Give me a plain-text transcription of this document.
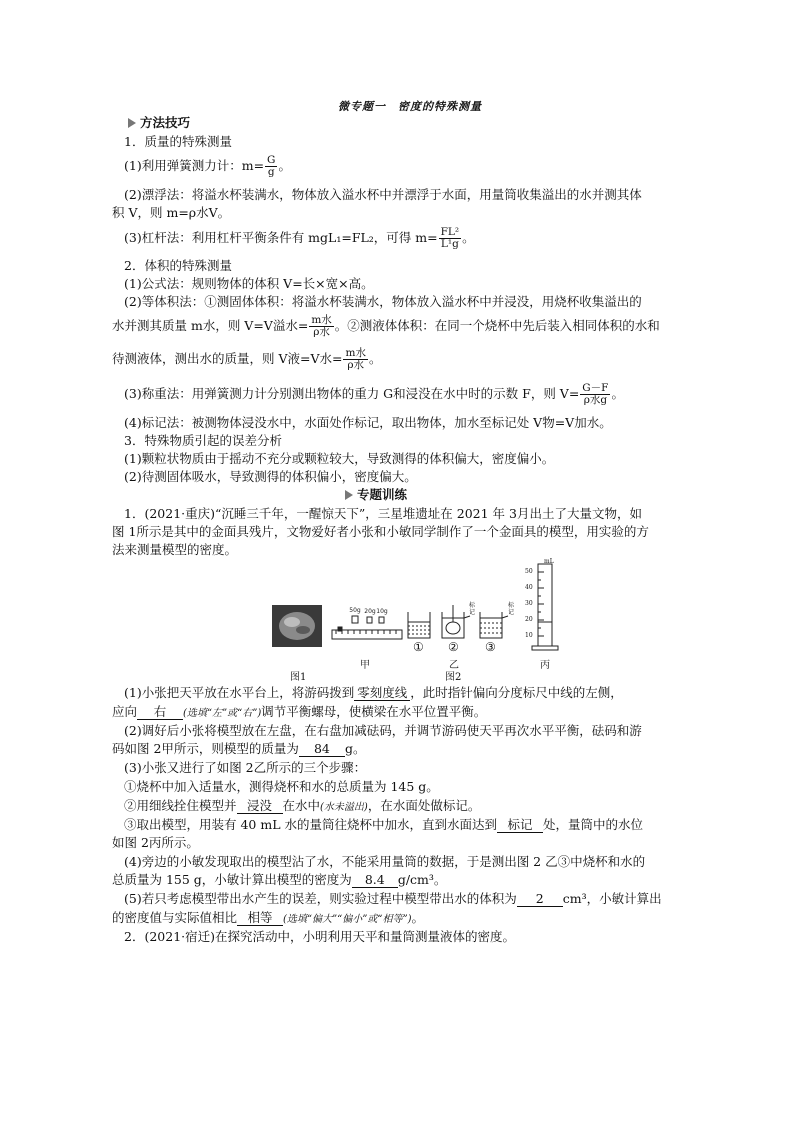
微专题一　密度的特殊测量
方法技巧
1．质量的特殊测量
(1)利用弹簧测力计：$m= \frac{G}{g}$ 。
(2)漂浮法：将溢水杯装满水，物体放入溢水杯中并漂浮于水面，用量筒收集溢出的水并测其体
积 V，则 m=ρ水V。
(3)杠杆法：利用杠杆平衡条件有 mgL₁=FL₂，可得 $m= \frac{\text{FL²}}{\text{L¹g}}$ 。
2．体积的特殊测量
(1)公式法：规则物体的体积 V=长×宽×高。
(2)等体积法：①测固体体积：将溢水杯装满水，物体放入溢水杯中并浸没，用烧杯收集溢出的
水并测其质量 m水，则 V=V溢水= $\frac{\text{m水}}{\text{ρ水}}$ 。②测液体体积：在同一个烧杯中先后装入相同体积的水和
待测液体，测出水的质量，则 V液=V水= $\frac{\text{m水}}{\text{ρ水}}$ 。
(3)称重法：用弹簧测力计分别测出物体的重力 G和浸没在水中时的示数 F，则 $V= \frac{G-F}{\text{ρ水g}}$ 。
(4)标记法：被测物体浸没水中，水面处作标记，取出物体，加水至标记处 V物=V加水。
3．特殊物质引起的误差分析
(1)颗粒状物质由于摇动不充分或颗粒较大，导致测得的体积偏大，密度偏小。
(2)待测固体吸水，导致测得的体积偏小，密度偏大。
专题训练
1．(2021·重庆)“沉睡三千年，一醒惊天下”，三星堆遗址在 2021 年 3月出土了大量文物，如
图 1所示是其中的金面具残片，文物爱好者小张和小敏同学制作了一个金面具的模型，用实验的方
法来测量模型的密度。
50g 20g 10g
mL
50
40
30
20
10
标记
标记
甲
① ②
乙
③
丙
图1	图2
(1)小张把天平放在水平台上，将游码拨到 零刻度线 ，此时指针偏向分度标尺中线的左侧，
应向 右 (选填“左”或“右”)调节平衡螺母，使横梁在水平位置平衡。
(2)调好后小张将模型放在左盘，在右盘加减砝码，并调节游码使天平再次水平平衡，砝码和游
码如图 2甲所示，则模型的质量为 84 g。
(3)小张又进行了如图 2乙所示的三个步骤：
①烧杯中加入适量水，测得烧杯和水的总质量为 145 g。
②用细线拴住模型并 浸没 在水中(水未溢出)，在水面处做标记。
③取出模型，用装有 40 mL 水的量筒往烧杯中加水，直到水面达到 标记 处，量筒中的水位
如图 2丙所示。
(4)旁边的小敏发现取出的模型沾了水，不能采用量筒的数据，于是测出图 2 乙③中烧杯和水的
总质量为 155 g，小敏计算出模型的密度为 8.4 g/cm³。
(5)若只考虑模型带出水产生的误差，则实验过程中模型带出水的体积为 2 cm³，小敏计算出
的密度值与实际值相比 相等 (选填“偏大”“偏小”或“相等”)。
2．(2021·宿迁)在探究活动中，小明利用天平和量筒测量液体的密度。
